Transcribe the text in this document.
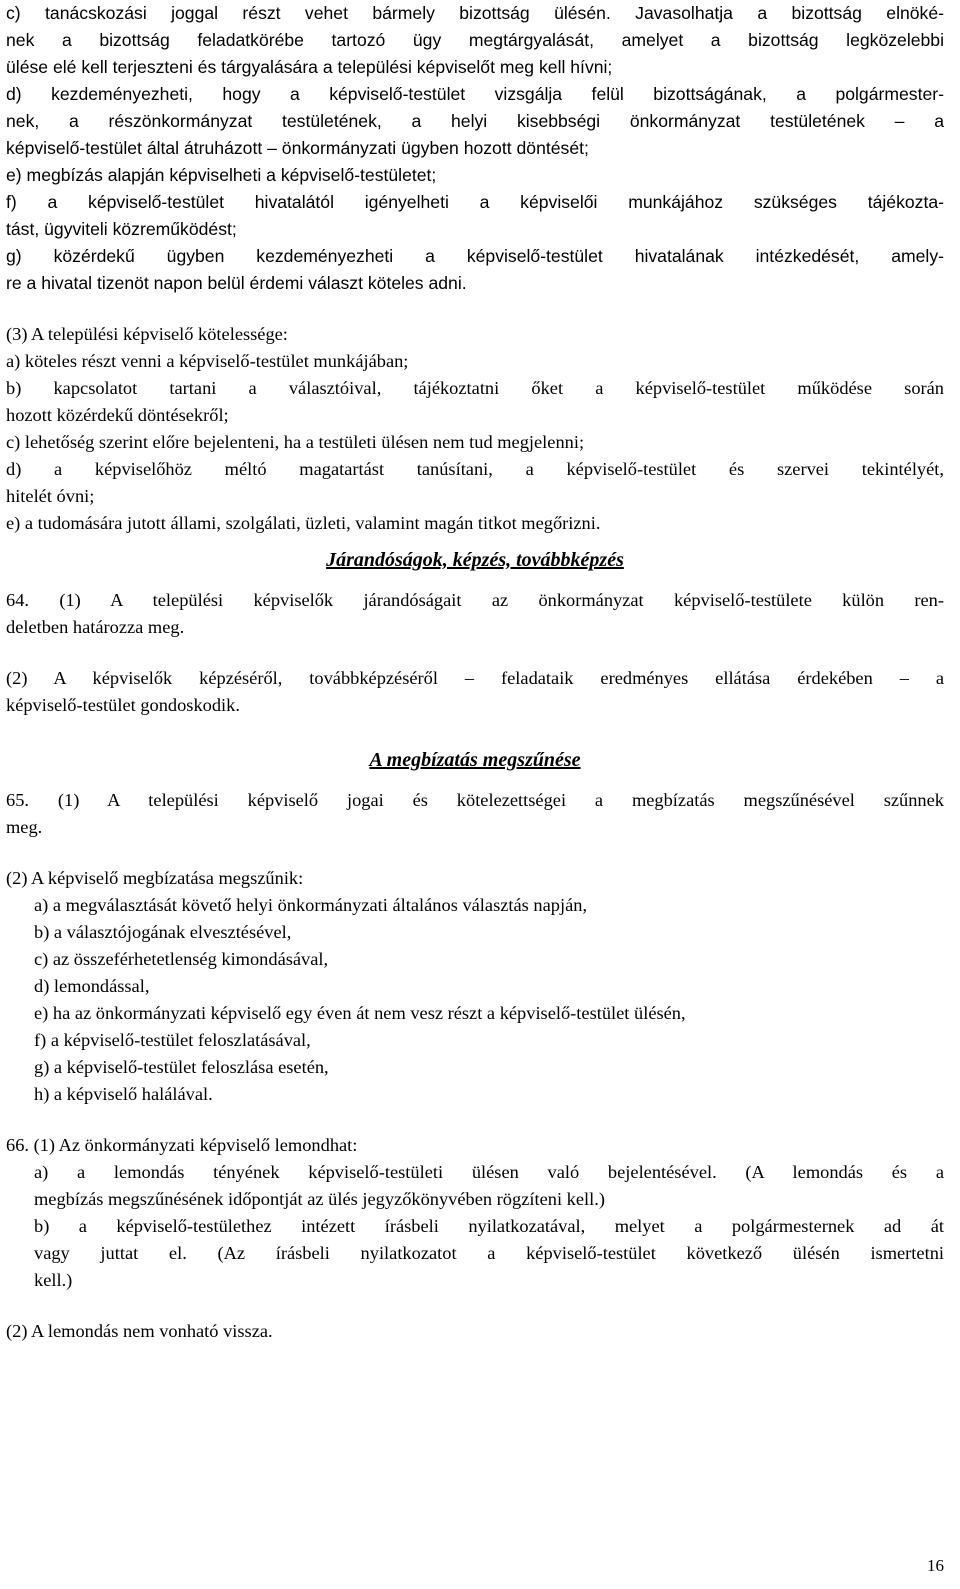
c) tanácskozási joggal részt vehet bármely bizottság ülésén. Javasolhatja a bizottság elnöké-
nek a bizottság feladatkörébe tartozó ügy megtárgyalását, amelyet a bizottság legközelebbi
ülése elé kell terjeszteni és tárgyalására a települési képviselőt meg kell hívni;
d) kezdeményezheti, hogy a képviselő-testület vizsgálja felül bizottságának, a polgármester-
nek, a részönkormányzat testületének, a helyi kisebbségi önkormányzat testületének – a
képviselő-testület által átruházott – önkormányzati ügyben hozott döntését;
e) megbízás alapján képviselheti a képviselő-testületet;
f) a képviselő-testület hivatalától igényelheti a képviselői munkájához szükséges tájékozta-
tást, ügyviteli közreműködést;
g) közérdekű ügyben kezdeményezheti a képviselő-testület hivatalának intézkedését, amely-
re a hivatal tizenöt napon belül érdemi választ köteles adni.
(3) A települési képviselő kötelessége:
a) köteles részt venni a képviselő-testület munkájában;
b) kapcsolatot tartani a választóival, tájékoztatni őket a képviselő-testület működése során
hozott közérdekű döntésekről;
c) lehetőség szerint előre bejelenteni, ha a testületi ülésen nem tud megjelenni;
d) a képviselőhöz méltó magatartást tanúsítani, a képviselő-testület és szervei tekintélyét,
hitelét óvni;
e) a tudomására jutott állami, szolgálati, üzleti, valamint magán titkot megőrizni.
Járandóságok, képzés, továbbképzés
64. (1) A települési képviselők járandóságait az önkormányzat képviselő-testülete külön ren-
deletben határozza meg.
(2) A képviselők képzéséről, továbbképzéséről – feladataik eredményes ellátása érdekében – a
képviselő-testület gondoskodik.
A megbízatás megszűnése
65. (1) A települési képviselő jogai és kötelezettségei a megbízatás megszűnésével szűnnek
meg.
(2) A képviselő megbízatása megszűnik:
a) a megválasztását követő helyi önkormányzati általános választás napján,
b) a választójogának elvesztésével,
c) az összeférhetetlenség kimondásával,
d) lemondással,
e) ha az önkormányzati képviselő egy éven át nem vesz részt a képviselő-testület ülésén,
f) a képviselő-testület feloszlatásával,
g) a képviselő-testület feloszlása esetén,
h) a képviselő halálával.
66. (1) Az önkormányzati képviselő lemondhat:
a) a lemondás tényének képviselő-testületi ülésen való bejelentésével. (A lemondás és a
megbízás megszűnésének időpontját az ülés jegyzőkönyvében rögzíteni kell.)
b) a képviselő-testülethez intézett írásbeli nyilatkozatával, melyet a polgármesternek ad át
vagy juttat el. (Az írásbeli nyilatkozatot a képviselő-testület következő ülésén ismertetni
kell.)
(2) A lemondás nem vonható vissza.
16
